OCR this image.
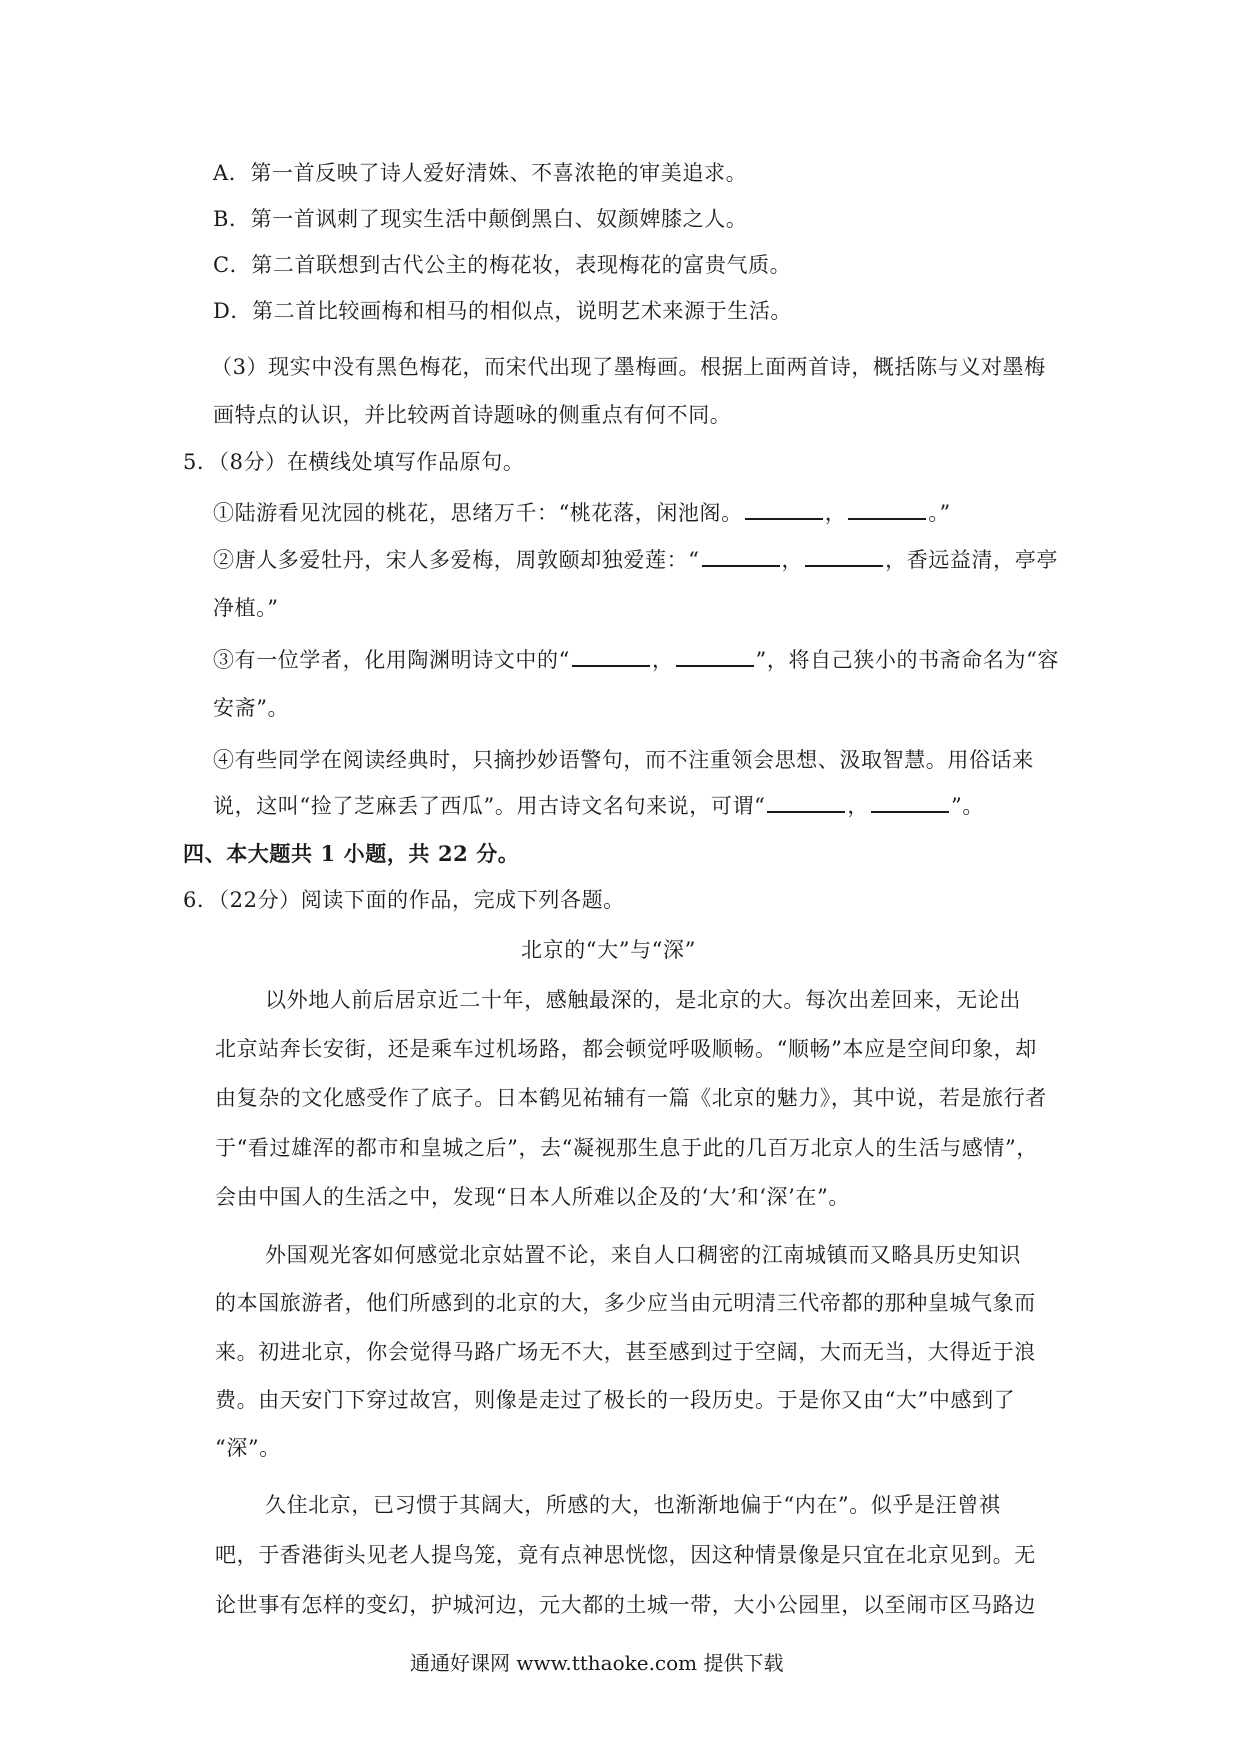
A．第一首反映了诗人爱好清姝、不喜浓艳的审美追求。
B．第一首讽刺了现实生活中颠倒黑白、奴颜婢膝之人。
C．第二首联想到古代公主的梅花妆，表现梅花的富贵气质。
D．第二首比较画梅和相马的相似点，说明艺术来源于生活。
（3）现实中没有黑色梅花，而宋代出现了墨梅画。根据上面两首诗，概括陈与义对墨梅
画特点的认识，并比较两首诗题咏的侧重点有何不同。
5．（8分）在横线处填写作品原句。
①陆游看见沈园的桃花，思绪万千：“桃花落，闲池阁。	，	。”
②唐人多爱牡丹，宋人多爱梅，周敦颐却独爱莲：“	，	，香远益清，亭亭
净植。”
③有一位学者，化用陶渊明诗文中的“	，	”，将自己狭小的书斋命名为“容
安斋”。
④有些同学在阅读经典时，只摘抄妙语警句，而不注重领会思想、汲取智慧。用俗话来
说，这叫“捡了芝麻丢了西瓜”。用古诗文名句来说，可谓“	，	”。
四、本大题共 1 小题，共 22 分。
6．（22分）阅读下面的作品，完成下列各题。
北京的“大”与“深”
以外地人前后居京近二十年，感触最深的，是北京的大。每次出差回来，无论出
北京站奔长安街，还是乘车过机场路，都会顿觉呼吸顺畅。“顺畅”本应是空间印象，却
由复杂的文化感受作了底子。日本鹤见祐辅有一篇《北京的魅力》，其中说，若是旅行者
于“看过雄浑的都市和皇城之后”，去“凝视那生息于此的几百万北京人的生活与感情”，
会由中国人的生活之中，发现“日本人所难以企及的‘大’和‘深’在”。
外国观光客如何感觉北京姑置不论，来自人口稠密的江南城镇而又略具历史知识
的本国旅游者，他们所感到的北京的大，多少应当由元明清三代帝都的那种皇城气象而
来。初进北京，你会觉得马路广场无不大，甚至感到过于空阔，大而无当，大得近于浪
费。由天安门下穿过故宫，则像是走过了极长的一段历史。于是你又由“大”中感到了
“深”。
久住北京，已习惯于其阔大，所感的大，也渐渐地偏于“内在”。似乎是汪曾祺
吧，于香港街头见老人提鸟笼，竟有点神思恍惚，因这种情景像是只宜在北京见到。无
论世事有怎样的变幻，护城河边，元大都的土城一带，大小公园里，以至闹市区马路边
通通好课网 www.tthaoke.com 提供下载
